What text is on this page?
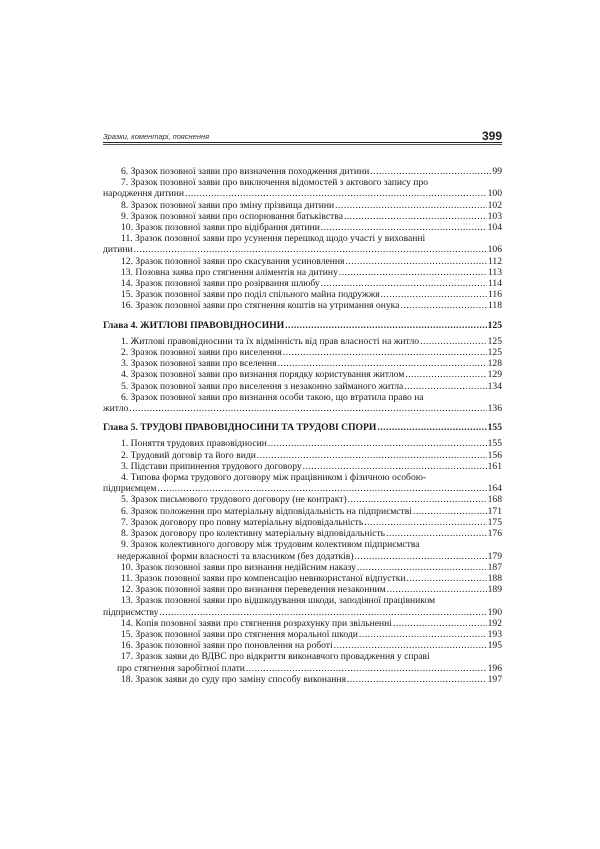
Зразки, коментарі, пояснення	399
6. Зразок позовної заяви про визначення походження дитини .....	99
7. Зразок позовної заяви про виключення відомостей з актового запису про
народження дитини .....	100
8. Зразок позовної заяви про зміну прізвища дитини .....	102
9. Зразок позовної заяви про оспорювання батьківства .....	103
10. Зразок позовної заяви про відібрання дитини .....	104
11. Зразок позовної заяви про усунення перешкод щодо участі у вихованні
дитини .....	106
12. Зразок позовної заяви про скасування усиновлення .....	112
13. Позовна заява про стягнення аліментів на дитину .....	113
14. Зразок позовної заяви про розірвання шлюбу .....	114
15. Зразок позовної заяви про поділ спільного майна подружжя .....	116
16. Зразок позовної заяви про стягнення коштів на утримання онука .....	118
Глава 4. ЖИТЛОВІ ПРАВОВІДНОСИНИ .....	125
1. Житлові правовідносини та їх відмінність від прав власності на житло .....	125
2. Зразок позовної заяви про виселення .....	125
3. Зразок позовної заяви про вселення .....	128
4. Зразок позовної заяви про визнання порядку користування житлом .....	129
5. Зразок позовної заяви про виселення з незаконно займаного житла .....	134
6. Зразок позовної заяви про визнання особи такою, що втратила право на
житло .....	136
Глава 5. ТРУДОВІ ПРАВОВІДНОСИНИ ТА ТРУДОВІ СПОРИ .....	155
1. Поняття трудових правовідносин .....	155
2. Трудовий договір та його види .....	156
3. Підстави припинення трудового договору .....	161
4. Типова форма трудового договору між працівником і фізичною особою-
підприємцем .....	164
5. Зразок письмового трудового договору (не контракт) .....	168
6. Зразок положення про матеріальну відповідальність на підприємстві .....	171
7. Зразок договору про повну матеріальну відповідальність .....	175
8. Зразок договору про колективну матеріальну відповідальність .....	176
9. Зразок колективного договору між трудовим колективом підприємства
недержавної форми власності та власником (без додатків) .....	179
10. Зразок позовної заяви про визнання недійсним наказу .....	187
11. Зразок позовної заяви про компенсацію невикористаної відпустки .....	188
12. Зразок позовної заяви про визнання переведення незаконним .....	189
13. Зразок позовної заяви про відшкодування шкоди, заподіяної працівником
підприємству .....	190
14. Копія позовної заяви про стягнення розрахунку при звільненні .....	192
15. Зразок позовної заяви про стягнення моральної шкоди .....	193
16. Зразок позовної заяви про поновлення на роботі .....	195
17. Зразок заяви до ВДВС про відкриття виконавчого провадження у справі
про стягнення заробітної плати .....	196
18. Зразок заяви до суду про заміну способу виконання .....	197
